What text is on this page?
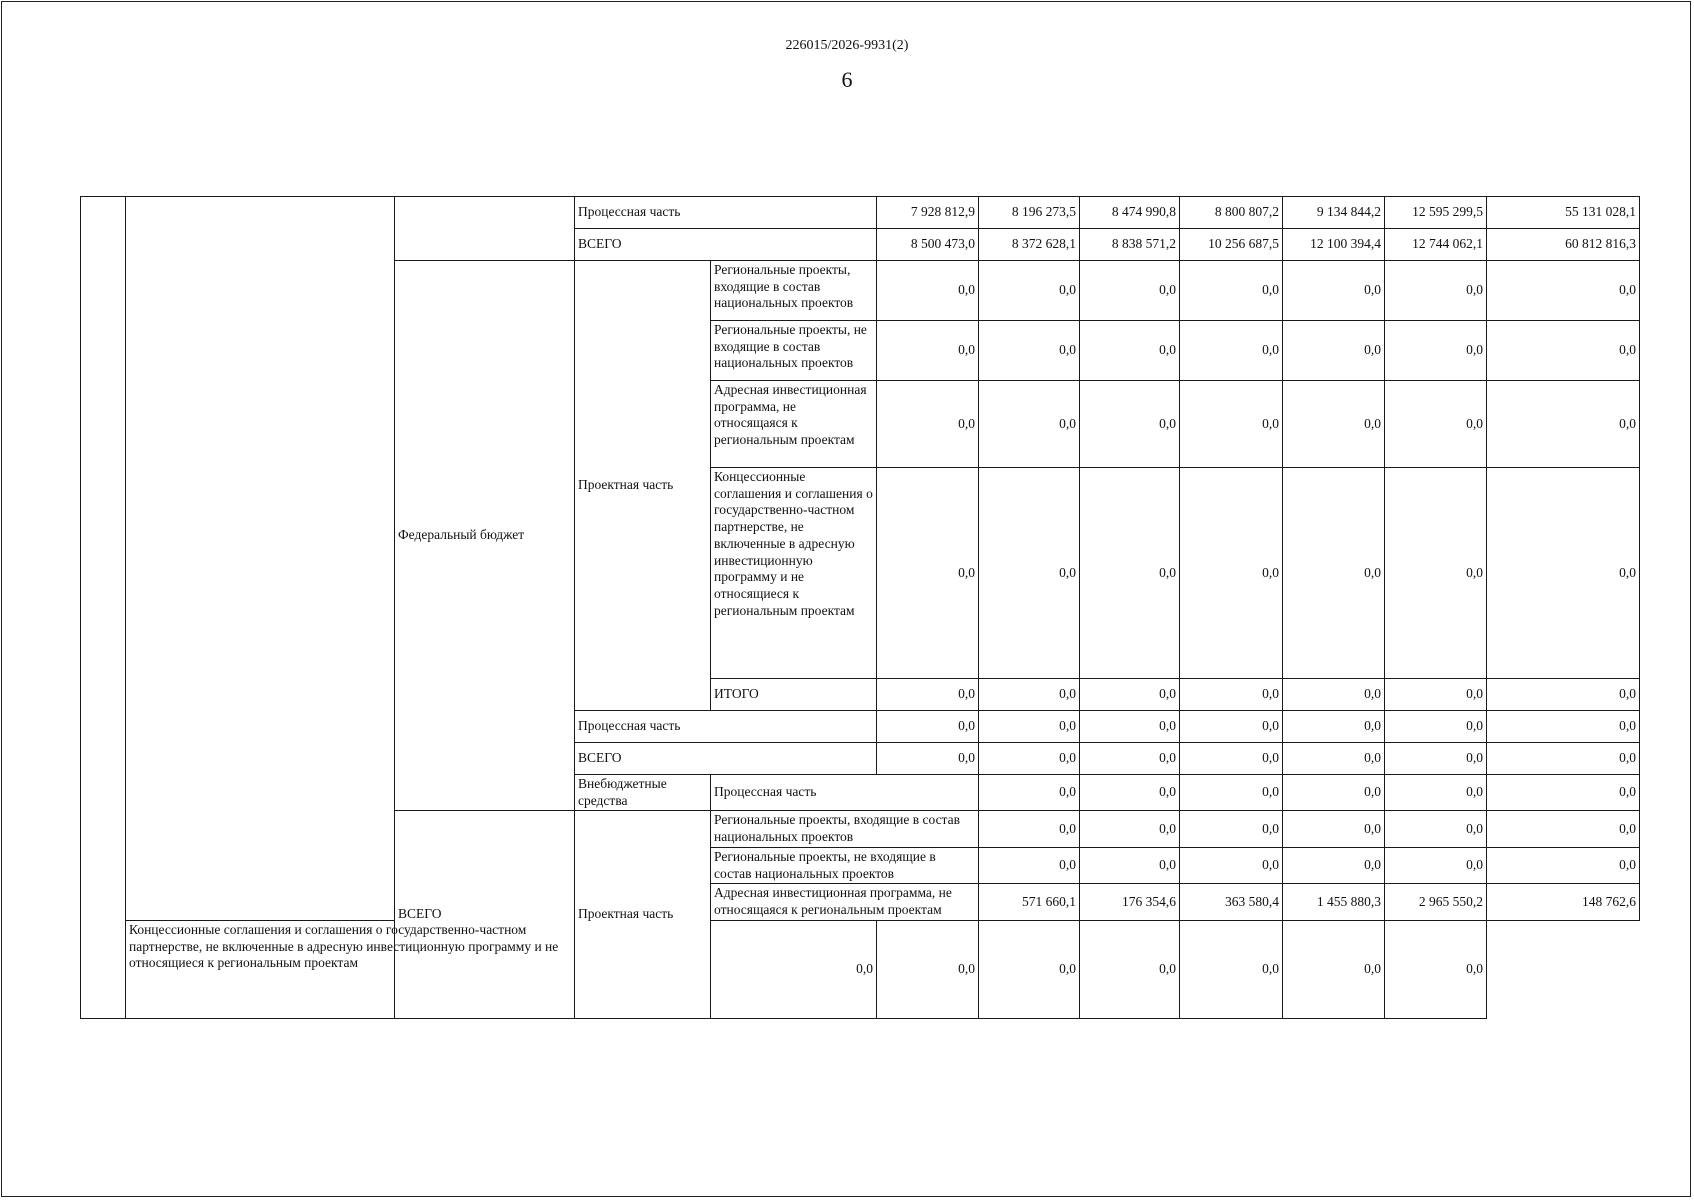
226015/2026-9931(2)
6
			Процессная часть		7 928 812,9	8 196 273,5	8 474 990,8	8 800 807,2	9 134 844,2	12 595 299,5	55 131 028,1	
			ВСЕГО		8 500 473,0	8 372 628,1	8 838 571,2	10 256 687,5	12 100 394,4	12 744 062,1	60 812 816,3	
		Федеральный бюджет	Проектная часть	Региональные проекты, входящие в состав национальных проектов	0,0	0,0	0,0	0,0	0,0	0,0	0,0	
				Региональные проекты, не входящие в состав национальных проектов	0,0	0,0	0,0	0,0	0,0	0,0	0,0	
				Адресная инвестиционная программа, не относящаяся к региональным проектам	0,0	0,0	0,0	0,0	0,0	0,0	0,0	
				Концессионные соглашения и соглашения о государственно-частном партнерстве, не включенные в адресную инвестиционную программу и не относящиеся к региональным проектам	0,0	0,0	0,0	0,0	0,0	0,0	0,0	
				ИТОГО	0,0	0,0	0,0	0,0	0,0	0,0	0,0	
			Процессная часть		0,0	0,0	0,0	0,0	0,0	0,0	0,0	
			ВСЕГО		0,0	0,0	0,0	0,0	0,0	0,0	0,0	
			Внебюджетные средства	Процессная часть		0,0	0,0	0,0	0,0	0,0	0,0	
		ВСЕГО	Проектная часть	Региональные проекты, входящие в состав национальных проектов		0,0	0,0	0,0	0,0	0,0	0,0	
				Региональные проекты, не входящие в состав национальных проектов		0,0	0,0	0,0	0,0	0,0	0,0	
				Адресная инвестиционная программа, не относящаяся к региональным проектам		571 660,1	176 354,6	363 580,4	1 455 880,3	2 965 550,2	148 762,6	
	Концессионные соглашения и соглашения о государственно-частном партнерстве, не включенные в адресную инвестиционную программу и не относящиеся к региональным проектам			0,0	0,0	0,0	0,0	0,0	0,0	0,0		
